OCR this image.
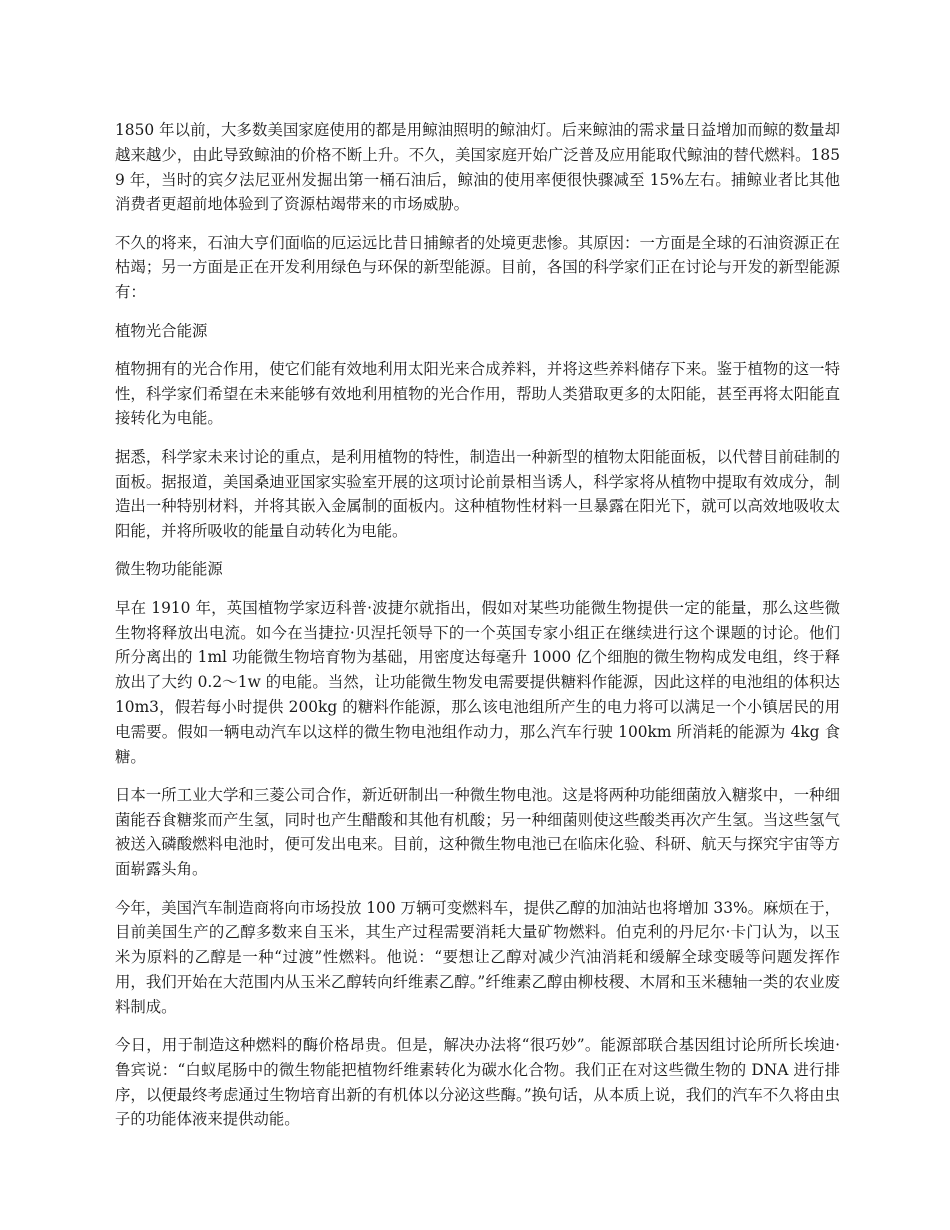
1850 年以前，大多数美国家庭使用的都是用鲸油照明的鲸油灯。后来鲸油的需求量日益增加而鲸的数量却越来越少，由此导致鲸油的价格不断上升。不久，美国家庭开始广泛普及应用能取代鲸油的替代燃料。1859 年，当时的宾夕法尼亚州发掘出第一桶石油后，鲸油的使用率便很快骤减至 15%左右。捕鲸业者比其他消费者更超前地体验到了资源枯竭带来的市场威胁。

不久的将来，石油大亨们面临的厄运远比昔日捕鲸者的处境更悲惨。其原因：一方面是全球的石油资源正在枯竭；另一方面是正在开发利用绿色与环保的新型能源。目前，各国的科学家们正在讨论与开发的新型能源有：

植物光合能源

植物拥有的光合作用，使它们能有效地利用太阳光来合成养料，并将这些养料储存下来。鉴于植物的这一特性，科学家们希望在未来能够有效地利用植物的光合作用，帮助人类猎取更多的太阳能，甚至再将太阳能直接转化为电能。

据悉，科学家未来讨论的重点，是利用植物的特性，制造出一种新型的植物太阳能面板，以代替目前硅制的面板。据报道，美国桑迪亚国家实验室开展的这项讨论前景相当诱人，科学家将从植物中提取有效成分，制造出一种特别材料，并将其嵌入金属制的面板内。这种植物性材料一旦暴露在阳光下，就可以高效地吸收太阳能，并将所吸收的能量自动转化为电能。

微生物功能能源

早在 1910 年，英国植物学家迈科普·波捷尔就指出，假如对某些功能微生物提供一定的能量，那么这些微生物将释放出电流。如今在当捷拉·贝涅托领导下的一个英国专家小组正在继续进行这个课题的讨论。他们所分离出的 1ml 功能微生物培育物为基础，用密度达每毫升 1000 亿个细胞的微生物构成发电组，终于释放出了大约 0.2～1w 的电能。当然，让功能微生物发电需要提供糖料作能源，因此这样的电池组的体积达 10m3，假若每小时提供 200kg 的糖料作能源，那么该电池组所产生的电力将可以满足一个小镇居民的用电需要。假如一辆电动汽车以这样的微生物电池组作动力，那么汽车行驶 100km 所消耗的能源为 4kg 食糖。

日本一所工业大学和三菱公司合作，新近研制出一种微生物电池。这是将两种功能细菌放入糖浆中，一种细菌能吞食糖浆而产生氢，同时也产生醋酸和其他有机酸；另一种细菌则使这些酸类再次产生氢。当这些氢气被送入磷酸燃料电池时，便可发出电来。目前，这种微生物电池已在临床化验、科研、航天与探究宇宙等方面崭露头角。

今年，美国汽车制造商将向市场投放 100 万辆可变燃料车，提供乙醇的加油站也将增加 33%。麻烦在于，目前美国生产的乙醇多数来自玉米，其生产过程需要消耗大量矿物燃料。伯克利的丹尼尔·卡门认为，以玉米为原料的乙醇是一种“过渡”性燃料。他说：“要想让乙醇对减少汽油消耗和缓解全球变暖等问题发挥作用，我们开始在大范围内从玉米乙醇转向纤维素乙醇。”纤维素乙醇由柳枝稷、木屑和玉米穗轴一类的农业废料制成。

今日，用于制造这种燃料的酶价格昂贵。但是，解决办法将“很巧妙”。能源部联合基因组讨论所所长埃迪·鲁宾说：“白蚁尾肠中的微生物能把植物纤维素转化为碳水化合物。我们正在对这些微生物的 DNA 进行排序，以便最终考虑通过生物培育出新的有机体以分泌这些酶。”换句话，从本质上说，我们的汽车不久将由虫子的功能体液来提供动能。
